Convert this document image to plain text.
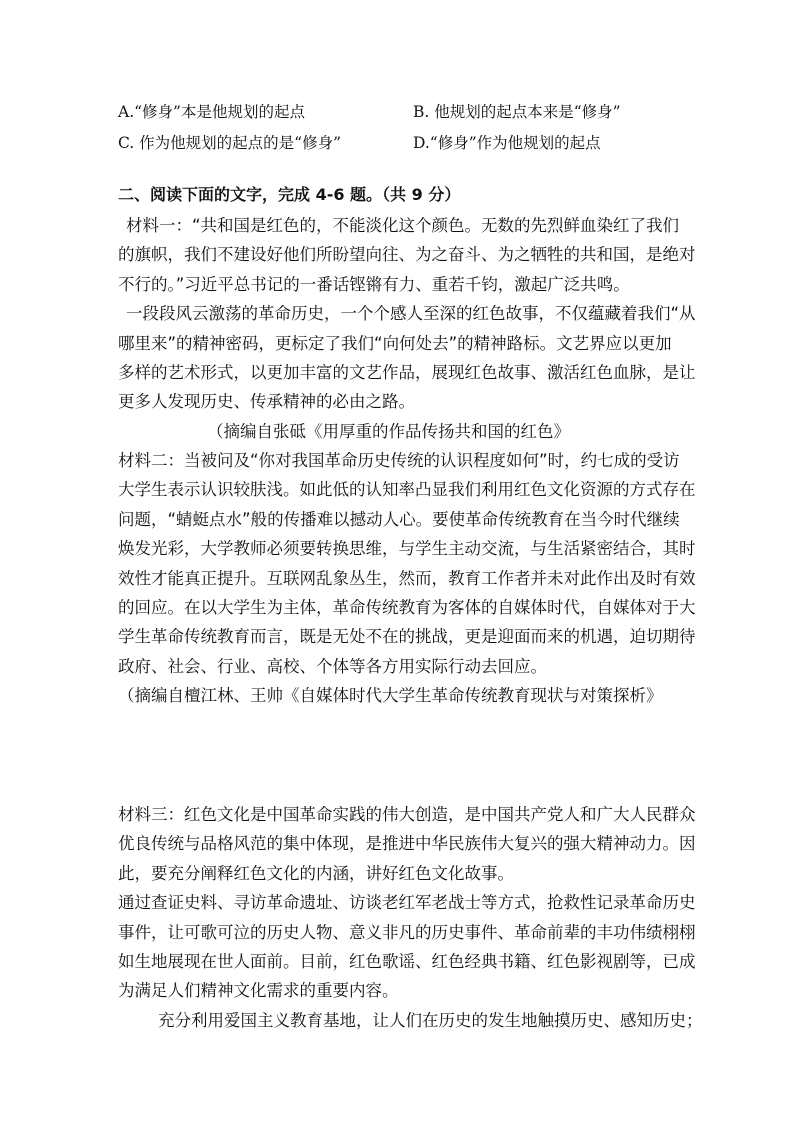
A.“修身”本是他规划的起点	B. 他规划的起点本来是“修身”
C. 作为他规划的起点的是“修身”	D.“修身”作为他规划的起点
二、阅读下面的文字，完成 4-6 题。（共 9 分）
材料一：“共和国是红色的，不能淡化这个颜色。无数的先烈鲜血染红了我们
的旗帜，我们不建设好他们所盼望向往、为之奋斗、为之牺牲的共和国，是绝对
不行的。”习近平总书记的一番话铿锵有力、重若千钧，激起广泛共鸣。
一段段风云激荡的革命历史，一个个感人至深的红色故事，不仅蕴藏着我们“从
哪里来”的精神密码，更标定了我们“向何处去”的精神路标。文艺界应以更加
多样的艺术形式，以更加丰富的文艺作品，展现红色故事、激活红色血脉，是让
更多人发现历史、传承精神的必由之路。
（摘编自张砥《用厚重的作品传扬共和国的红色》
材料二：当被问及“你对我国革命历史传统的认识程度如何”时，约七成的受访
大学生表示认识较肤浅。如此低的认知率凸显我们利用红色文化资源的方式存在
问题，“蜻蜓点水”般的传播难以撼动人心。要使革命传统教育在当今时代继续
焕发光彩，大学教师必须要转换思维，与学生主动交流，与生活紧密结合，其时
效性才能真正提升。互联网乱象丛生，然而，教育工作者并未对此作出及时有效
的回应。在以大学生为主体，革命传统教育为客体的自媒体时代，自媒体对于大
学生革命传统教育而言，既是无处不在的挑战，更是迎面而来的机遇，迫切期待
政府、社会、行业、高校、个体等各方用实际行动去回应。
（摘编自檀江林、王帅《自媒体时代大学生革命传统教育现状与对策探析》
材料三：红色文化是中国革命实践的伟大创造，是中国共产党人和广大人民群众
优良传统与品格风范的集中体现，是推进中华民族伟大复兴的强大精神动力。因
此，要充分阐释红色文化的内涵，讲好红色文化故事。
通过查证史料、寻访革命遗址、访谈老红军老战士等方式，抢救性记录革命历史
事件，让可歌可泣的历史人物、意义非凡的历史事件、革命前辈的丰功伟绩栩栩
如生地展现在世人面前。目前，红色歌谣、红色经典书籍、红色影视剧等，已成
为满足人们精神文化需求的重要内容。
充分利用爱国主义教育基地，让人们在历史的发生地触摸历史、感知历史；
